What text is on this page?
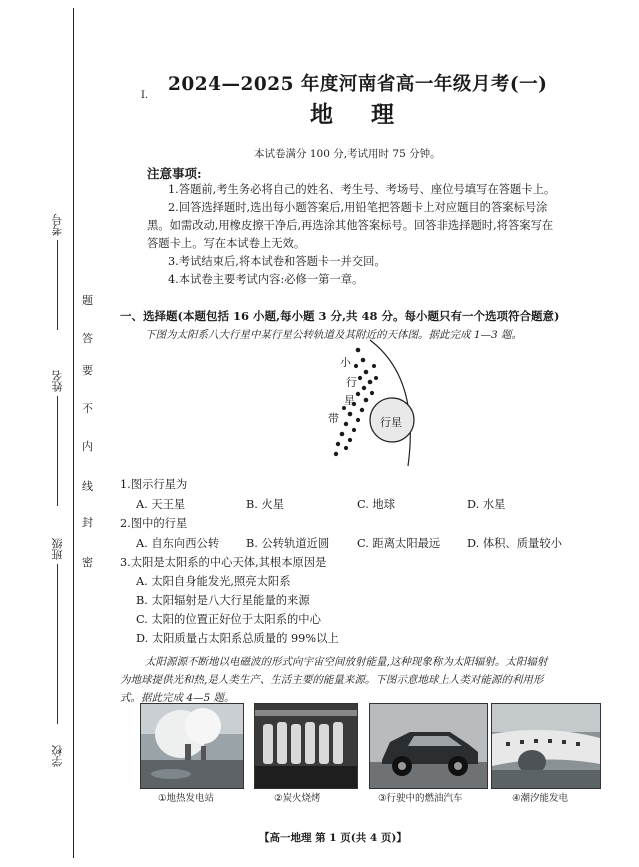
考号
姓名
班级
学校
题
答
要
不
内
线
封
密
I.
2024—2025 年度河南省高一年级月考(一)
地理
本试卷满分 100 分,考试用时 75 分钟。
注意事项:
1.答题前,考生务必将自己的姓名、考生号、考场号、座位号填写在答题卡上。
2.回答选择题时,选出每小题答案后,用铅笔把答题卡上对应题目的答案标号涂
黑。如需改动,用橡皮擦干净后,再选涂其他答案标号。回答非选择题时,将答案写在
答题卡上。写在本试卷上无效。
3.考试结束后,将本试卷和答题卡一并交回。
4.本试卷主要考试内容:必修一第一章。
一、选择题(本题包括 16 小题,每小题 3 分,共 48 分。每小题只有一个选项符合题意)
下图为太阳系八大行星中某行星公转轨道及其附近的天体图。据此完成 1—3 题。
小
行
星
带	行星
1.图示行星为
A. 天王星	B. 火星	C. 地球	D. 水星
2.图中的行星
A. 自东向西公转 B. 公转轨道近圆 C. 距离太阳最远 D. 体积、质量较小
3.太阳是太阳系的中心天体,其根本原因是
A. 太阳自身能发光,照亮太阳系
B. 太阳辐射是八大行星能量的来源
C. 太阳的位置正好位于太阳系的中心
D. 太阳质量占太阳系总质量的 99%以上
太阳源源不断地以电磁波的形式向宇宙空间放射能量,这种现象称为太阳辐射。太阳辐射
为地球提供光和热,是人类生产、生活主要的能量来源。下图示意地球上人类对能源的利用形
式。据此完成 4—5 题。
①地热发电站	②炭火烧烤	③行驶中的燃油汽车	④潮汐能发电
【高一地理 第 1 页(共 4 页)】
